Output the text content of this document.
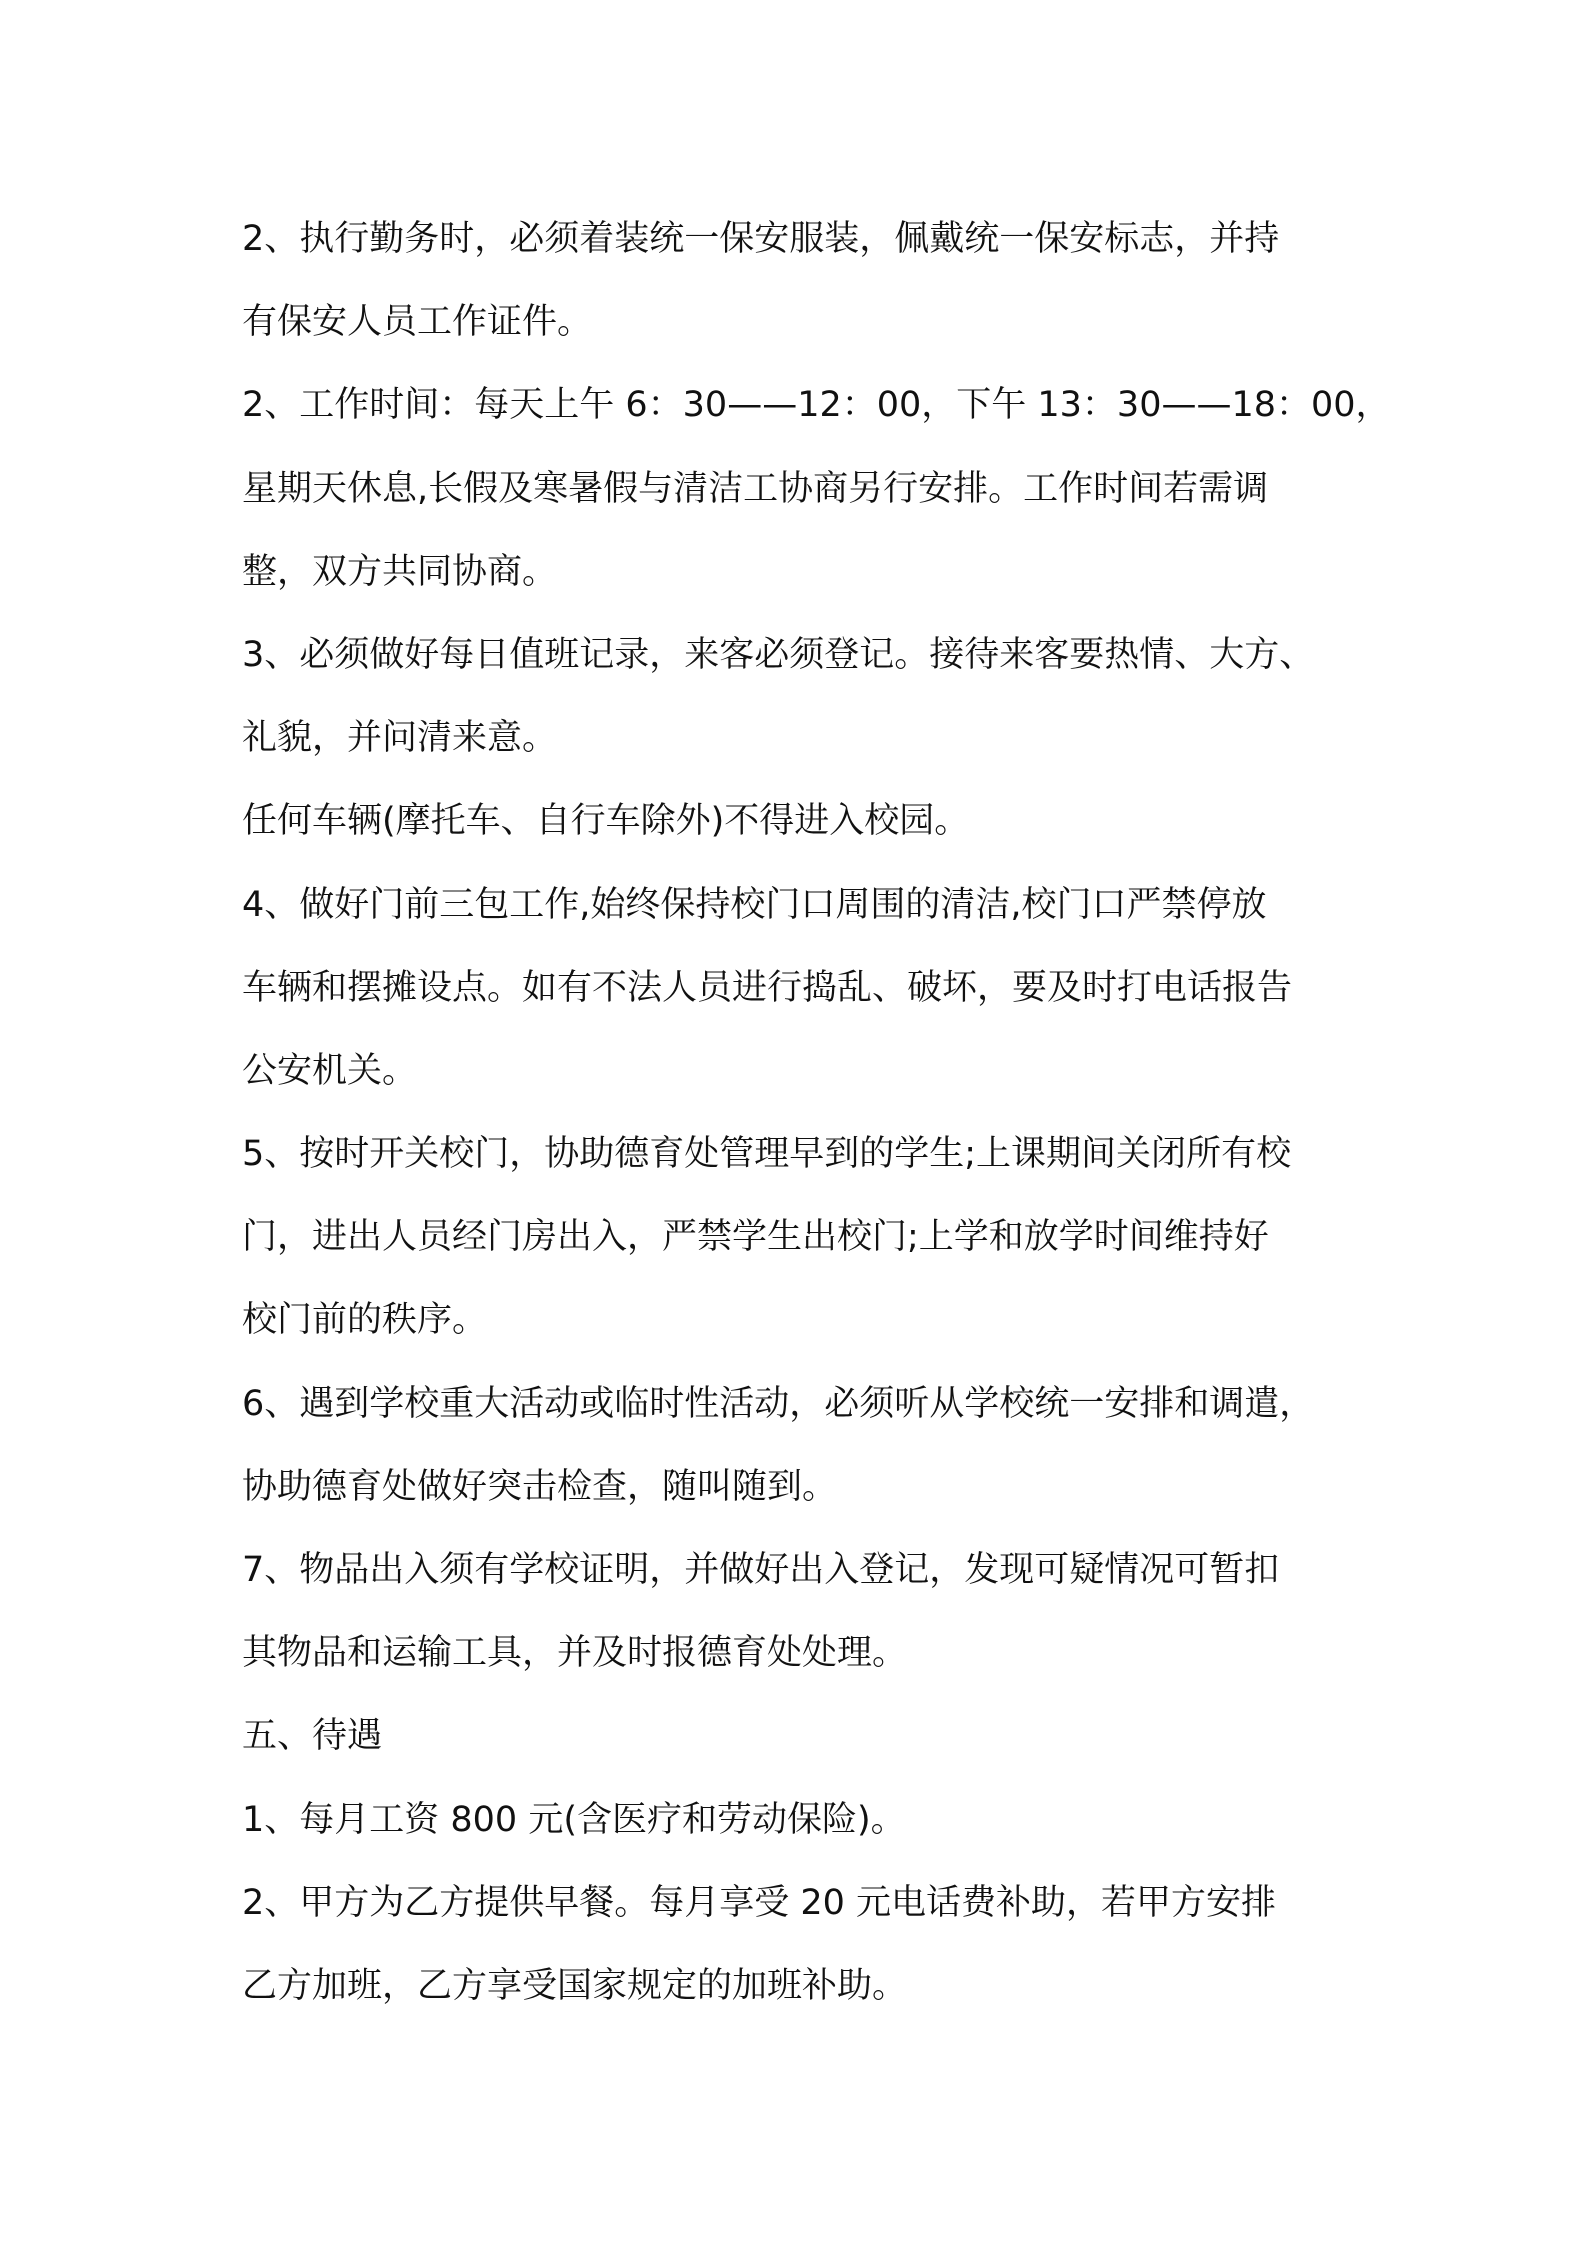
2、执行勤务时，必须着装统一保安服装，佩戴统一保安标志，并持
有保安人员工作证件。
2、工作时间：每天上午 6：30——12：00，下午 13：30——18：00，
星期天休息,长假及寒暑假与清洁工协商另行安排。工作时间若需调
整，双方共同协商。
3、必须做好每日值班记录，来客必须登记。接待来客要热情、大方、
礼貌，并问清来意。
任何车辆(摩托车、自行车除外)不得进入校园。
4、做好门前三包工作,始终保持校门口周围的清洁,校门口严禁停放
车辆和摆摊设点。如有不法人员进行捣乱、破坏，要及时打电话报告
公安机关。
5、按时开关校门，协助德育处管理早到的学生;上课期间关闭所有校
门，进出人员经门房出入，严禁学生出校门;上学和放学时间维持好
校门前的秩序。
6、遇到学校重大活动或临时性活动，必须听从学校统一安排和调遣，
协助德育处做好突击检查，随叫随到。
7、物品出入须有学校证明，并做好出入登记，发现可疑情况可暂扣
其物品和运输工具，并及时报德育处处理。
五、待遇
1、每月工资 800 元(含医疗和劳动保险)。
2、甲方为乙方提供早餐。每月享受 20 元电话费补助，若甲方安排
乙方加班，乙方享受国家规定的加班补助。
